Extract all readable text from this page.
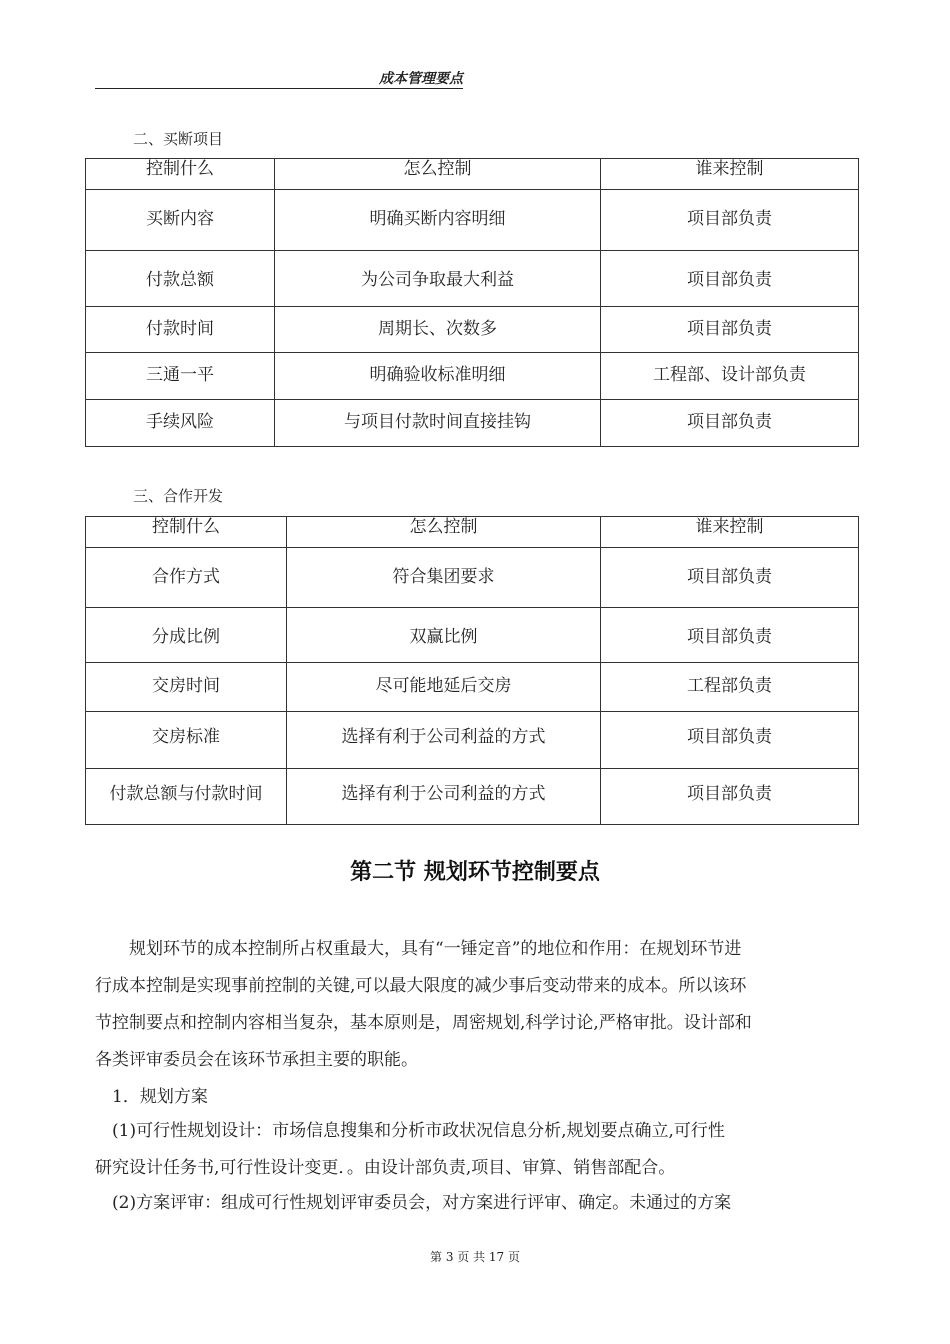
成本管理要点
二、买断项目
控制什么	怎么控制	谁来控制
买断内容	明确买断内容明细	项目部负责
付款总额	为公司争取最大利益	项目部负责
付款时间	周期长、次数多	项目部负责
三通一平	明确验收标准明细	工程部、设计部负责
手续风险	与项目付款时间直接挂钩	项目部负责
三、合作开发
控制什么	怎么控制	谁来控制
合作方式	符合集团要求	项目部负责
分成比例	双赢比例	项目部负责
交房时间	尽可能地延后交房	工程部负责
交房标准	选择有利于公司利益的方式	项目部负责
付款总额与付款时间	选择有利于公司利益的方式	项目部负责
第二节 规划环节控制要点
　　规划环节的成本控制所占权重最大，具有“一锤定音”的地位和作用：在规划环节进
行成本控制是实现事前控制的关键,可以最大限度的减少事后变动带来的成本。所以该环
节控制要点和控制内容相当复杂，基本原则是，周密规划,科学讨论,严格审批。设计部和
各类评审委员会在该环节承担主要的职能。
　1．规划方案
　(1)可行性规划设计：市场信息搜集和分析市政状况信息分析,规划要点确立,可行性
研究设计任务书,可行性设计变更．。由设计部负责,项目、审算、销售部配合。
　(2)方案评审：组成可行性规划评审委员会，对方案进行评审、确定。未通过的方案
第 3 页 共 17 页
